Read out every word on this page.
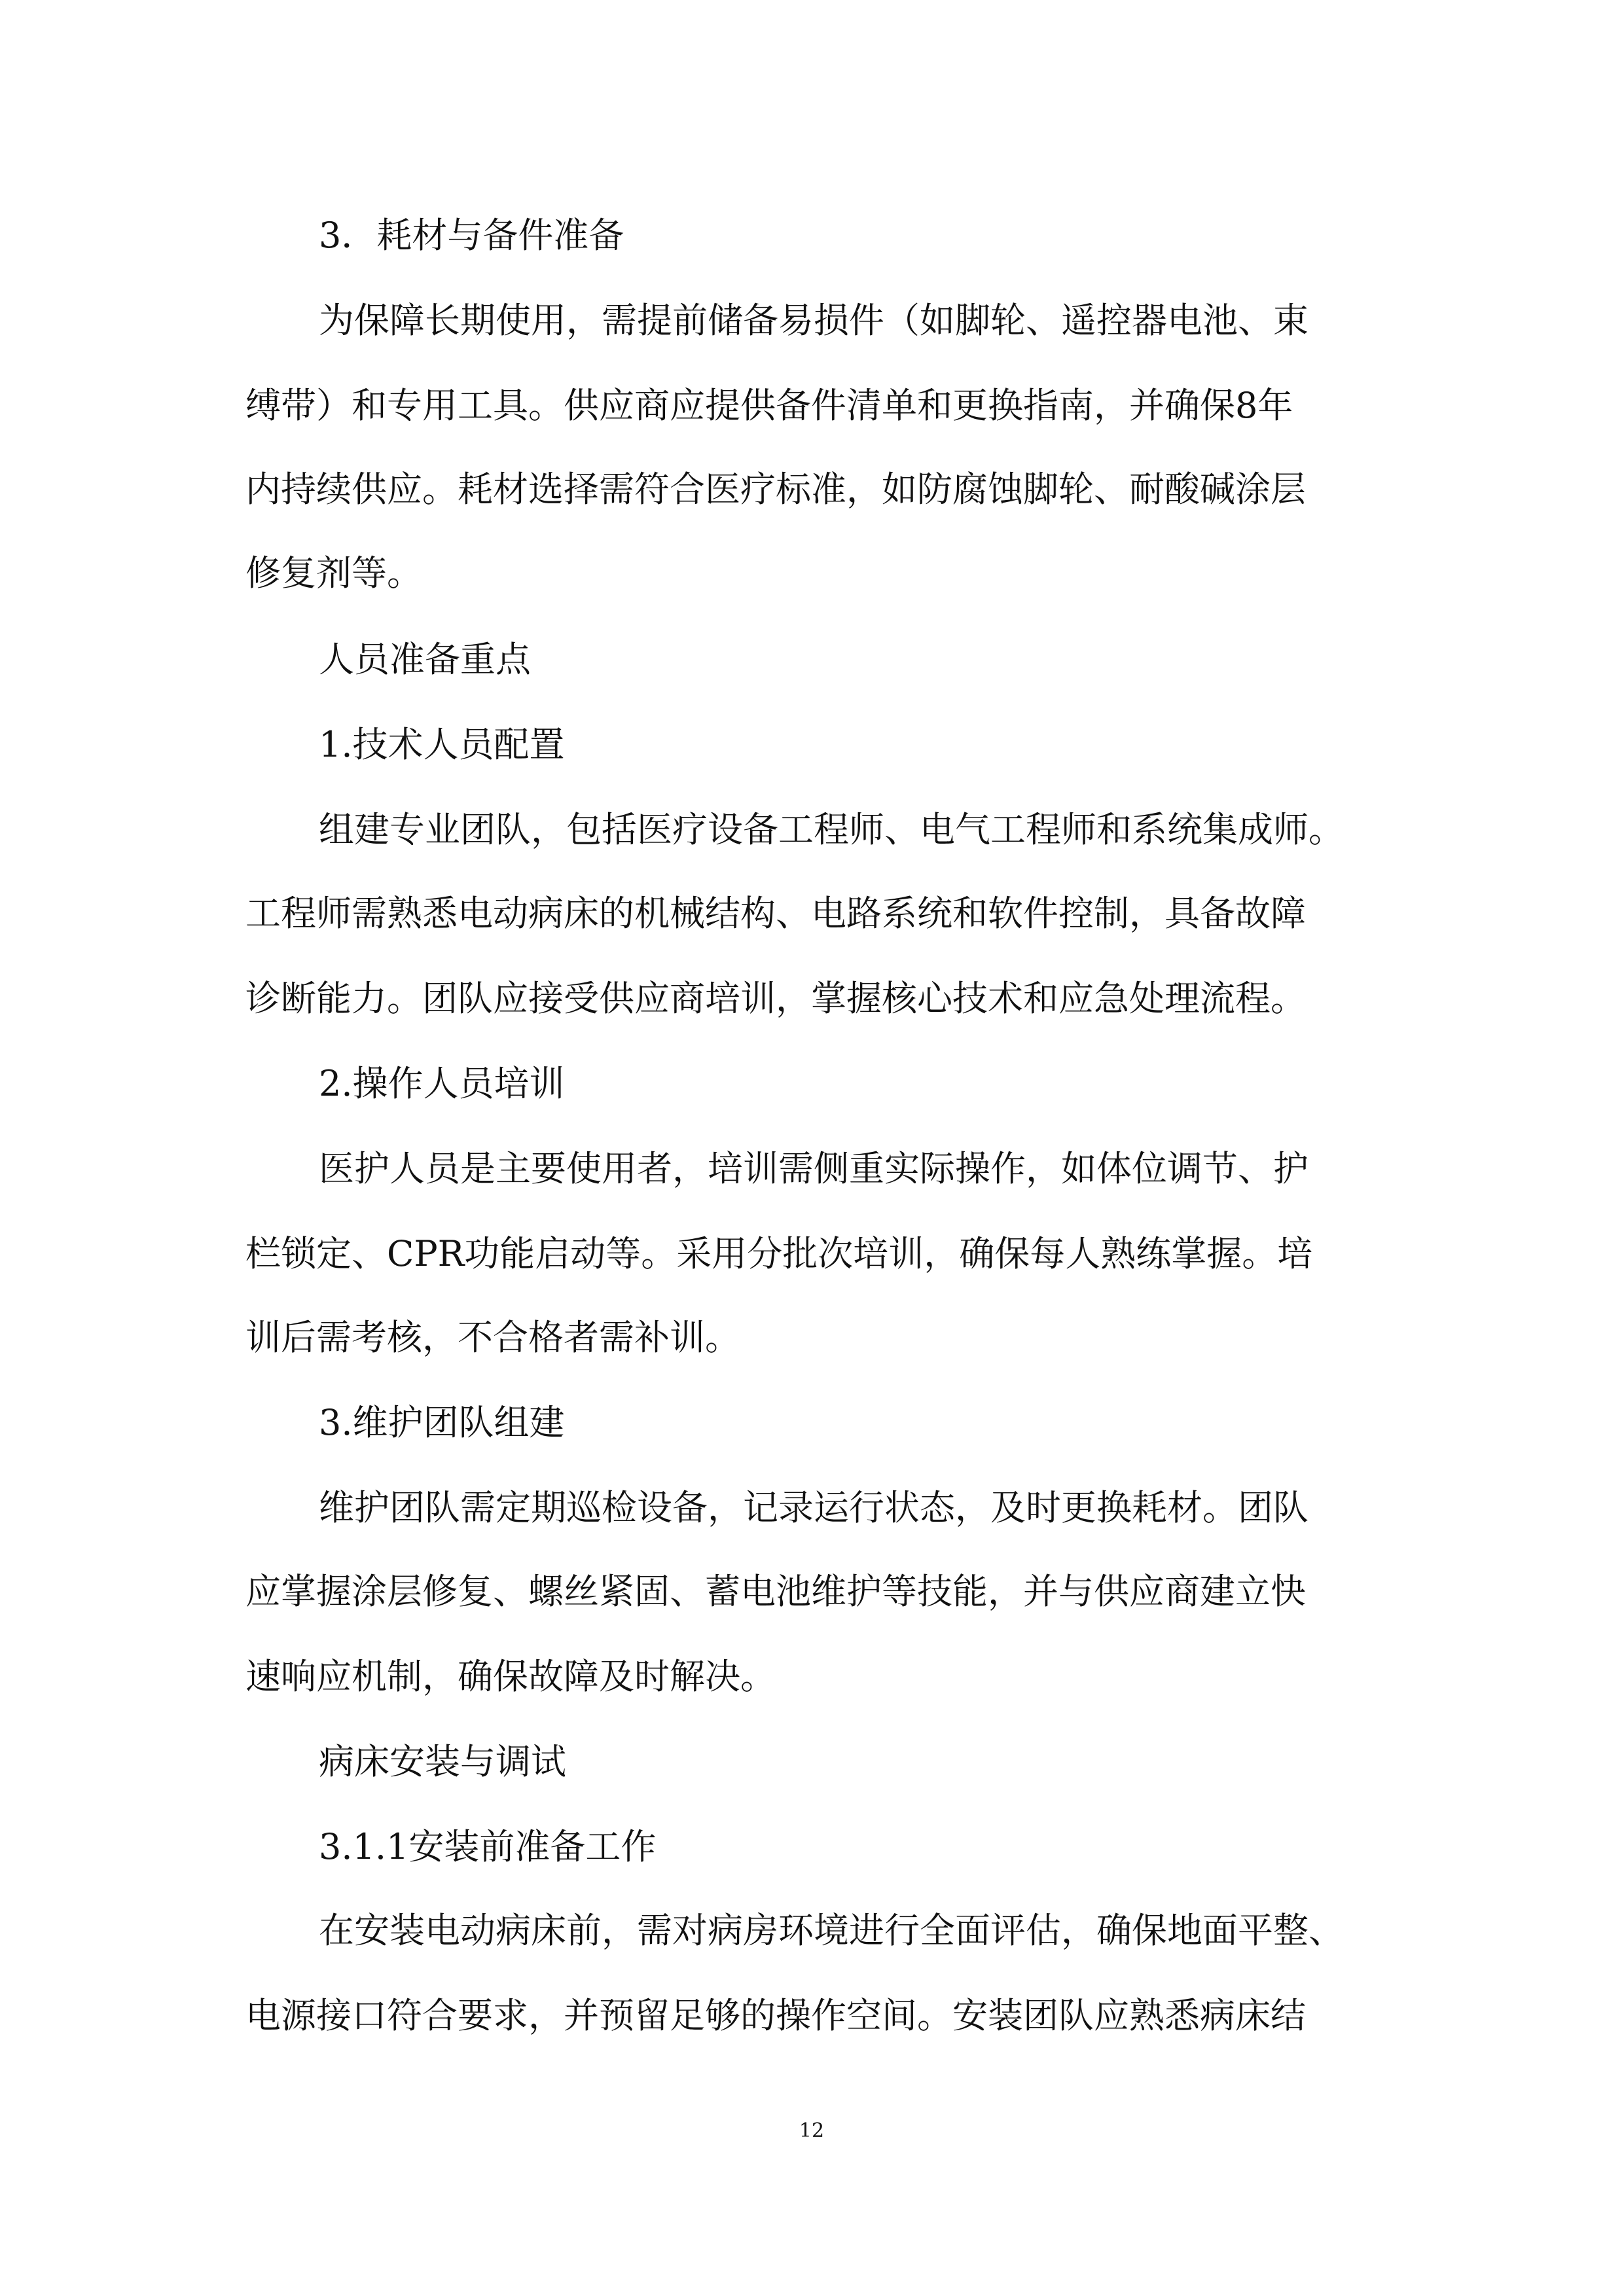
3．耗材与备件准备
为保障长期使用，需提前储备易损件（如脚轮、遥控器电池、束
缚带）和专用工具。供应商应提供备件清单和更换指南，并确保8年
内持续供应。耗材选择需符合医疗标准，如防腐蚀脚轮、耐酸碱涂层
修复剂等。
人员准备重点
1.技术人员配置
组建专业团队，包括医疗设备工程师、电气工程师和系统集成师。
工程师需熟悉电动病床的机械结构、电路系统和软件控制，具备故障
诊断能力。团队应接受供应商培训，掌握核心技术和应急处理流程。
2.操作人员培训
医护人员是主要使用者，培训需侧重实际操作，如体位调节、护
栏锁定、CPR功能启动等。采用分批次培训，确保每人熟练掌握。培
训后需考核，不合格者需补训。
3.维护团队组建
维护团队需定期巡检设备，记录运行状态，及时更换耗材。团队
应掌握涂层修复、螺丝紧固、蓄电池维护等技能，并与供应商建立快
速响应机制，确保故障及时解决。
病床安装与调试
3.1.1安装前准备工作
在安装电动病床前，需对病房环境进行全面评估，确保地面平整、
电源接口符合要求，并预留足够的操作空间。安装团队应熟悉病床结
12
